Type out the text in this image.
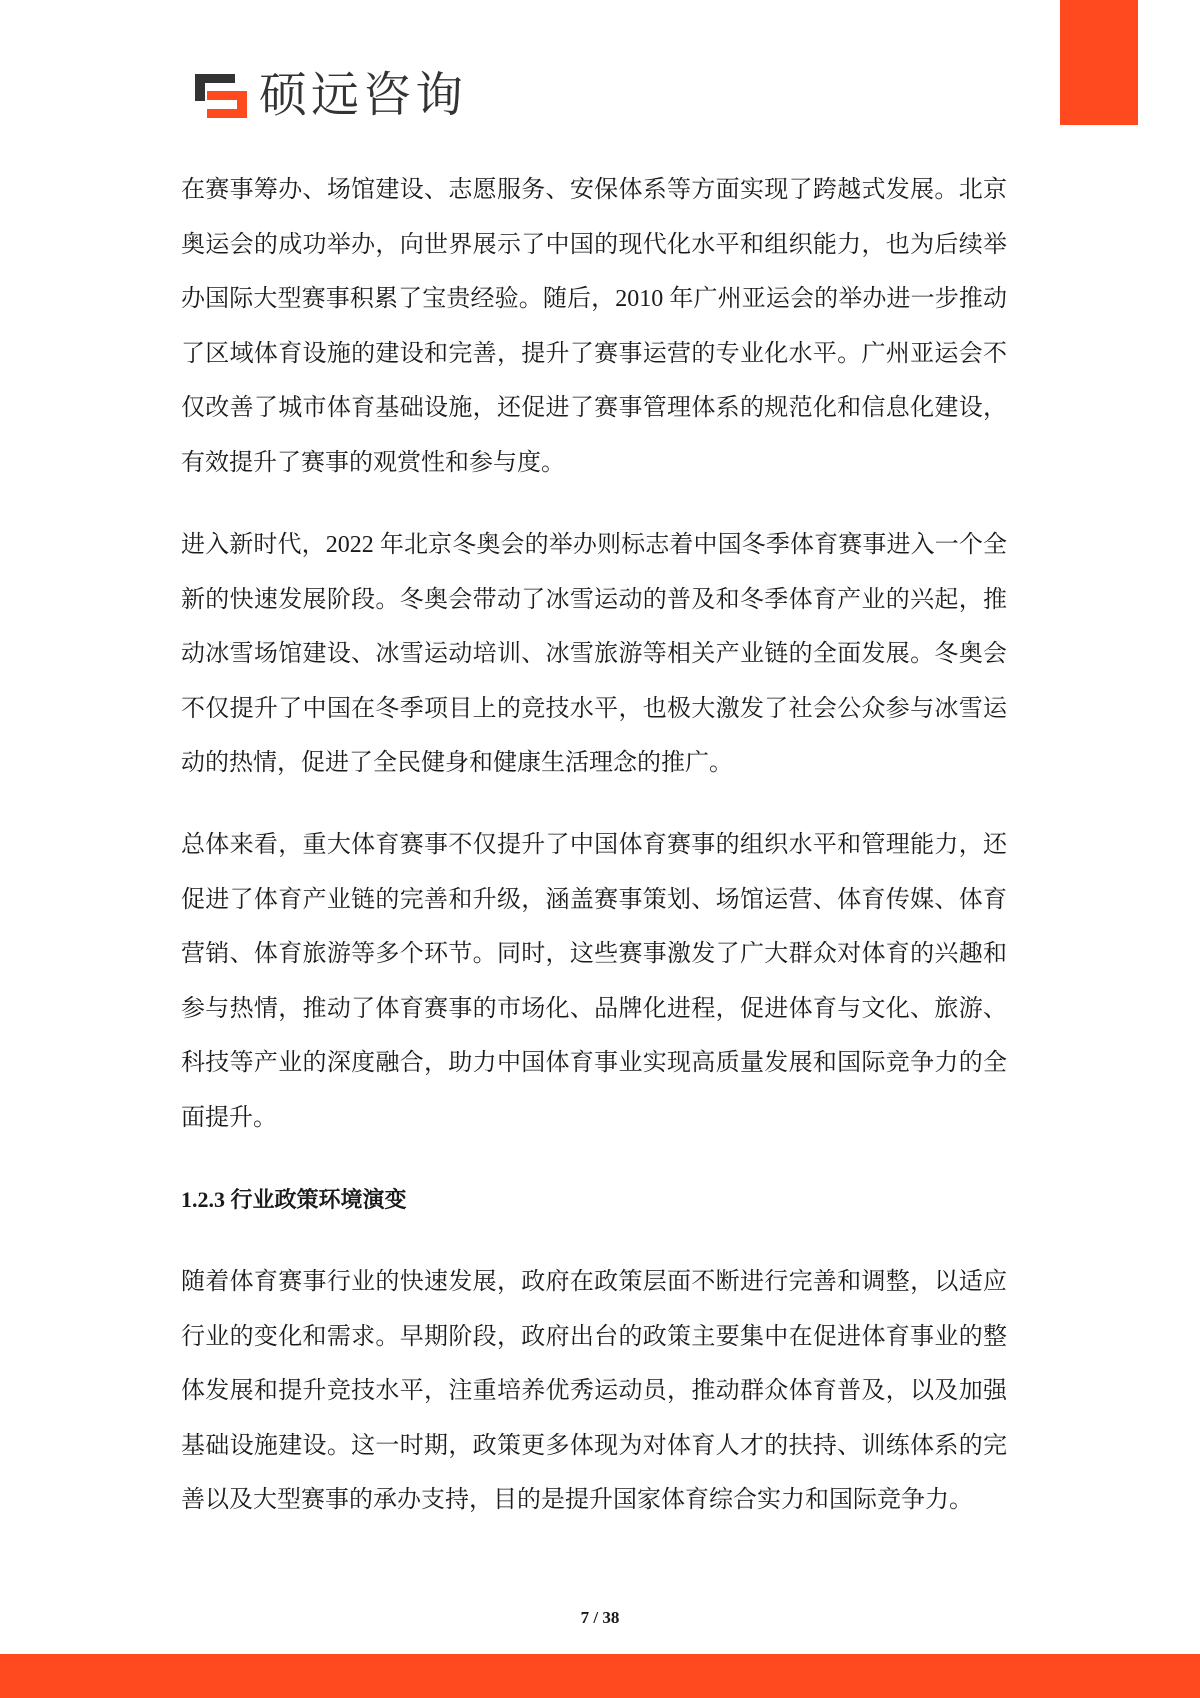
硕远咨询
在赛事筹办、场馆建设、志愿服务、安保体系等方面实现了跨越式发展。北京
奥运会的成功举办，向世界展示了中国的现代化水平和组织能力，也为后续举
办国际大型赛事积累了宝贵经验。随后，2010 年广州亚运会的举办进一步推动
了区域体育设施的建设和完善，提升了赛事运营的专业化水平。广州亚运会不
仅改善了城市体育基础设施，还促进了赛事管理体系的规范化和信息化建设，
有效提升了赛事的观赏性和参与度。
进入新时代，2022 年北京冬奥会的举办则标志着中国冬季体育赛事进入一个全
新的快速发展阶段。冬奥会带动了冰雪运动的普及和冬季体育产业的兴起，推
动冰雪场馆建设、冰雪运动培训、冰雪旅游等相关产业链的全面发展。冬奥会
不仅提升了中国在冬季项目上的竞技水平，也极大激发了社会公众参与冰雪运
动的热情，促进了全民健身和健康生活理念的推广。
总体来看，重大体育赛事不仅提升了中国体育赛事的组织水平和管理能力，还
促进了体育产业链的完善和升级，涵盖赛事策划、场馆运营、体育传媒、体育
营销、体育旅游等多个环节。同时，这些赛事激发了广大群众对体育的兴趣和
参与热情，推动了体育赛事的市场化、品牌化进程，促进体育与文化、旅游、
科技等产业的深度融合，助力中国体育事业实现高质量发展和国际竞争力的全
面提升。
1.2.3 行业政策环境演变
随着体育赛事行业的快速发展，政府在政策层面不断进行完善和调整，以适应
行业的变化和需求。早期阶段，政府出台的政策主要集中在促进体育事业的整
体发展和提升竞技水平，注重培养优秀运动员，推动群众体育普及，以及加强
基础设施建设。这一时期，政策更多体现为对体育人才的扶持、训练体系的完
善以及大型赛事的承办支持，目的是提升国家体育综合实力和国际竞争力。
7 / 38
